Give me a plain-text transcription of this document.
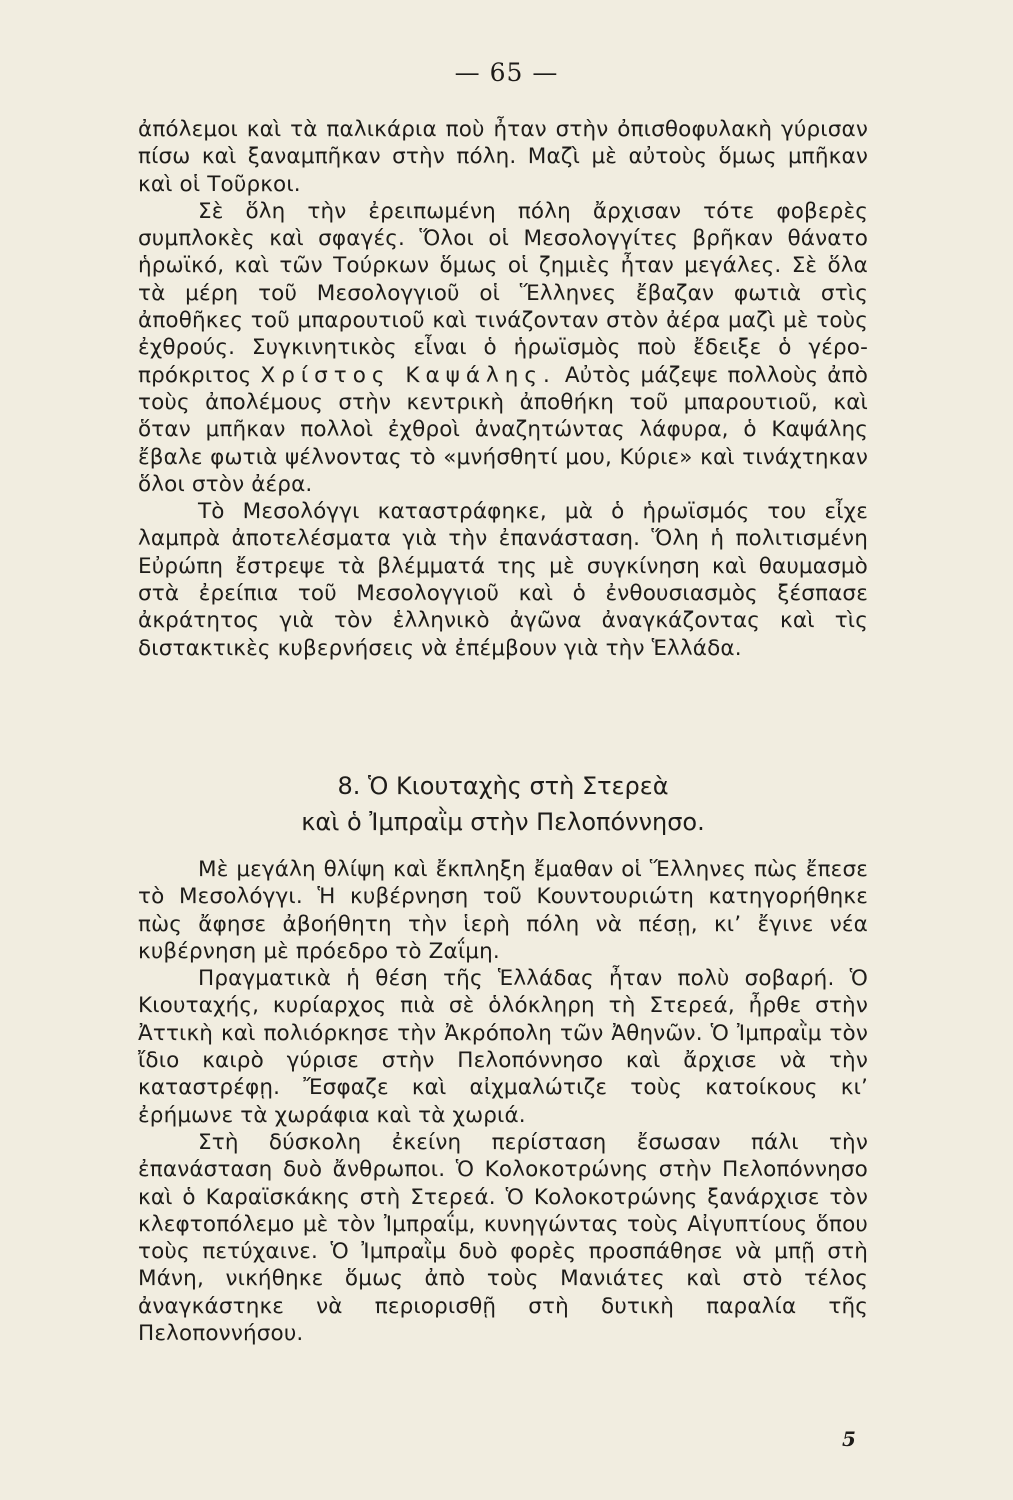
— 65 —

ἀπόλεμοι καὶ τὰ παλικάρια ποὺ ἦταν στὴν ὀπισθοφυλακὴ γύρισαν πίσω καὶ ξαναμπῆκαν στὴν πόλη. Μαζὶ μὲ αὐτοὺς ὅμως μπῆκαν καὶ οἱ Τοῦρκοι.

Σὲ ὅλη τὴν ἐρειπωμένη πόλη ἄρχισαν τότε φοβερὲς συμπλοκὲς καὶ σφαγές. Ὅλοι οἱ Μεσολογγίτες βρῆκαν θάνατο ἡρωϊκό, καὶ τῶν Τούρκων ὅμως οἱ ζημιὲς ἦταν μεγάλες. Σὲ ὅλα τὰ μέρη τοῦ Μεσολογγιοῦ οἱ Ἕλληνες ἔβαζαν φωτιὰ στὶς ἀποθῆκες τοῦ μπαρουτιοῦ καὶ τινάζονταν στὸν ἀέρα μαζὶ μὲ τοὺς ἐχθρούς. Συγκινητικὸς εἶναι ὁ ἡρωϊσμὸς ποὺ ἔδειξε ὁ γέρο-πρόκριτος Χρίστος Καψάλης. Αὐτὸς μάζεψε πολλοὺς ἀπὸ τοὺς ἀπολέμους στὴν κεντρικὴ ἀποθήκη τοῦ μπαρουτιοῦ, καὶ ὅταν μπῆκαν πολλοὶ ἐχθροὶ ἀναζητώντας λάφυρα, ὁ Καψάλης ἔβαλε φωτιὰ ψέλνοντας τὸ «μνήσθητί μου, Κύριε» καὶ τινάχτηκαν ὅλοι στὸν ἀέρα.

Τὸ Μεσολόγγι καταστράφηκε, μὰ ὁ ἡρωϊσμός του εἶχε λαμπρὰ ἀποτελέσματα γιὰ τὴν ἐπανάσταση. Ὅλη ἡ πολιτισμένη Εὐρώπη ἔστρεψε τὰ βλέμματά της μὲ συγκίνηση καὶ θαυμασμὸ στὰ ἐρείπια τοῦ Μεσολογγιοῦ καὶ ὁ ἐνθουσιασμὸς ξέσπασε ἀκράτητος γιὰ τὸν ἑλληνικὸ ἀγῶνα ἀναγκάζοντας καὶ τὶς διστακτικὲς κυβερνήσεις νὰ ἐπέμβουν γιὰ τὴν Ἑλλάδα.

8. Ὁ Κιουταχὴς στὴ Στερεὰ
καὶ ὁ Ἰμπραῒμ στὴν Πελοπόννησο.

Μὲ μεγάλη θλίψη καὶ ἔκπληξη ἔμαθαν οἱ Ἕλληνες πὼς ἔπεσε τὸ Μεσολόγγι. Ἡ κυβέρνηση τοῦ Κουντουριώτη κατηγορήθηκε πὼς ἄφησε ἀβοήθητη τὴν ἱερὴ πόλη νὰ πέσῃ, κι’ ἔγινε νέα κυβέρνηση μὲ πρόεδρο τὸ Ζαΐμη.

Πραγματικὰ ἡ θέση τῆς Ἑλλάδας ἦταν πολὺ σοβαρή. Ὁ Κιουταχής, κυρίαρχος πιὰ σὲ ὁλόκληρη τὴ Στερεά, ἦρθε στὴν Ἀττικὴ καὶ πολιόρκησε τὴν Ἀκρόπολη τῶν Ἀθηνῶν. Ὁ Ἰμπραῒμ τὸν ἴδιο καιρὸ γύρισε στὴν Πελοπόννησο καὶ ἄρχισε νὰ τὴν καταστρέφῃ. Ἔσφαζε καὶ αἰχμαλώτιζε τοὺς κατοίκους κι’ ἐρήμωνε τὰ χωράφια καὶ τὰ χωριά.

Στὴ δύσκολη ἐκείνη περίσταση ἔσωσαν πάλι τὴν ἐπανάσταση δυὸ ἄνθρωποι. Ὁ Κολοκοτρώνης στὴν Πελοπόννησο καὶ ὁ Καραϊσκάκης στὴ Στερεά. Ὁ Κολοκοτρώνης ξανάρχισε τὸν κλεφτοπόλεμο μὲ τὸν Ἰμπραΐμ, κυνηγώντας τοὺς Αἰγυπτίους ὅπου τοὺς πετύχαινε. Ὁ Ἰμπραῒμ δυὸ φορὲς προσπάθησε νὰ μπῇ στὴ Μάνη, νικήθηκε ὅμως ἀπὸ τοὺς Μανιάτες καὶ στὸ τέλος ἀναγκάστηκε νὰ περιορισθῇ στὴ δυτικὴ παραλία τῆς Πελοποννήσου.

5
